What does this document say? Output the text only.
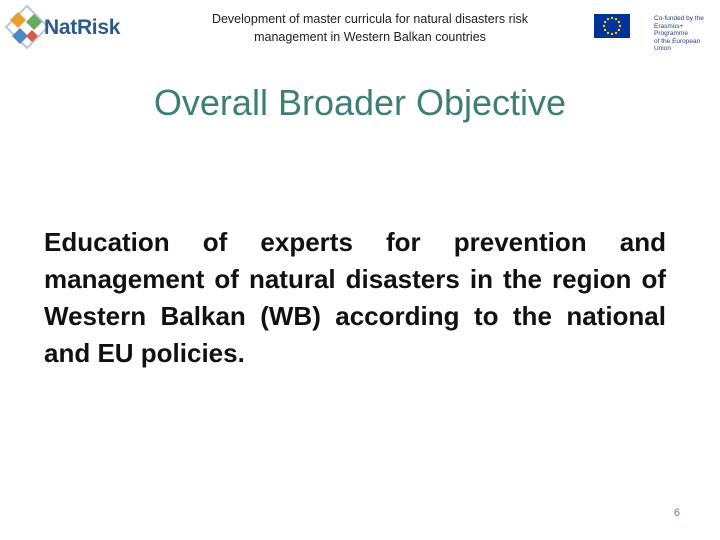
NatRisk	Development of master curricula for natural disasters risk
management in Western Balkan countries
Co-funded by the
Erasmus+ Programme
of the European Union
Overall Broader Objective
Education of experts for prevention and management of natural disasters in the region of Western Balkan (WB) according to the national and EU policies.
6
